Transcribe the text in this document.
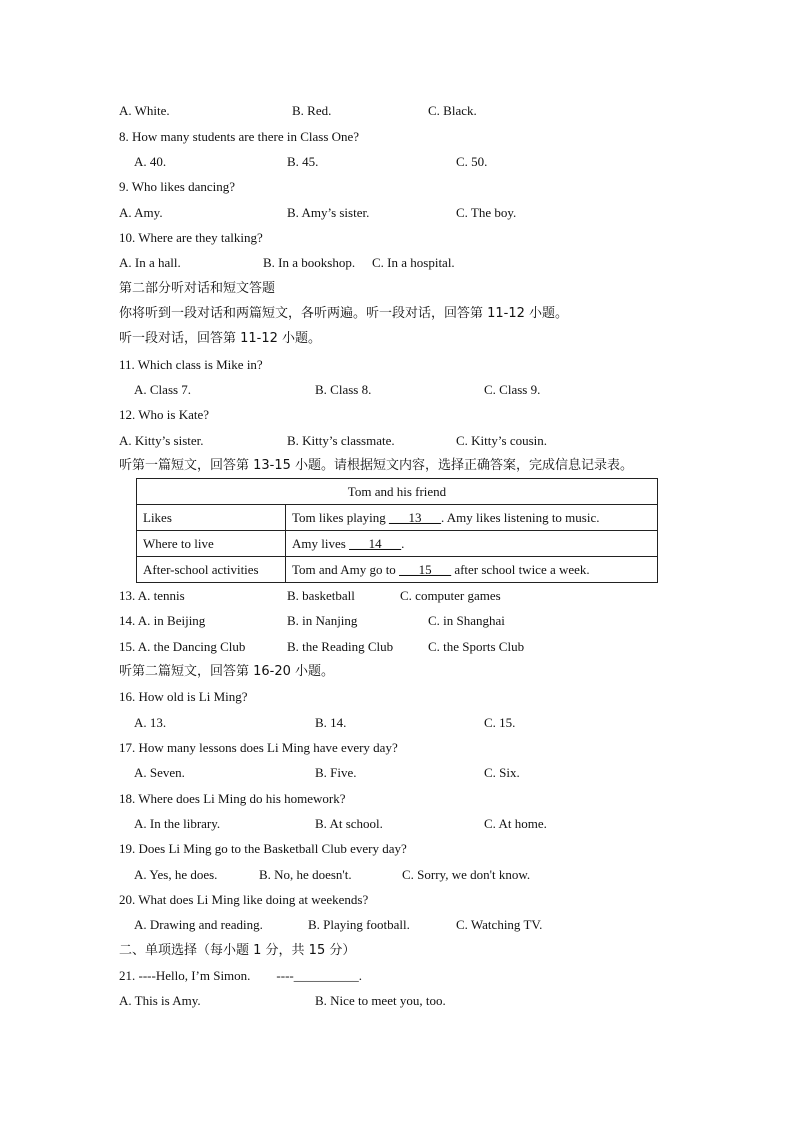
A. White.	B. Red.	C. Black.
8. How many students are there in Class One?
A. 40.	B. 45.	C. 50.
9. Who likes dancing?
A. Amy.	B. Amy’s sister.	C. The boy.
10. Where are they talking?
A. In a hall.	B. In a bookshop. C. In a hospital.
第二部分听对话和短文答题
你将听到一段对话和两篇短文，各听两遍。听一段对话，回答第 11-12 小题。
听一段对话，回答第 11-12 小题。
11. Which class is Mike in?
A. Class 7.	B. Class 8.	C. Class 9.
12. Who is Kate?
A. Kitty’s sister.	B. Kitty’s classmate.	C. Kitty’s cousin.
听第一篇短文，回答第 13-15 小题。请根据短文内容，选择正确答案，完成信息记录表。
Tom and his friend	
Likes	Tom likes playing ___13___. Amy likes listening to music.
Where to live	Amy lives ___14___.
After-school activities	Tom and Amy go to ___15___ after school twice a week.
13. A. tennis	B. basketball	C. computer games
14. A. in Beijing	B. in Nanjing	C. in Shanghai
15. A. the Dancing Club	B. the Reading Club	C. the Sports Club
听第二篇短文，回答第 16-20 小题。
16. How old is Li Ming?
A. 13.	B. 14.	C. 15.
17. How many lessons does Li Ming have every day?
A. Seven.	B. Five.	C. Six.
18. Where does Li Ming do his homework?
A. In the library.	B. At school.	C. At home.
19. Does Li Ming go to the Basketball Club every day?
A. Yes, he does.	B. No, he doesn't.	C. Sorry, we don't know.
20. What does Li Ming like doing at weekends?
A. Drawing and reading.	B. Playing football.	C. Watching TV.
二、单项选择（每小题 1 分，共 15 分）
21. ----Hello, I’m Simon.        ----__________.
A. This is Amy.	B. Nice to meet you, too.
